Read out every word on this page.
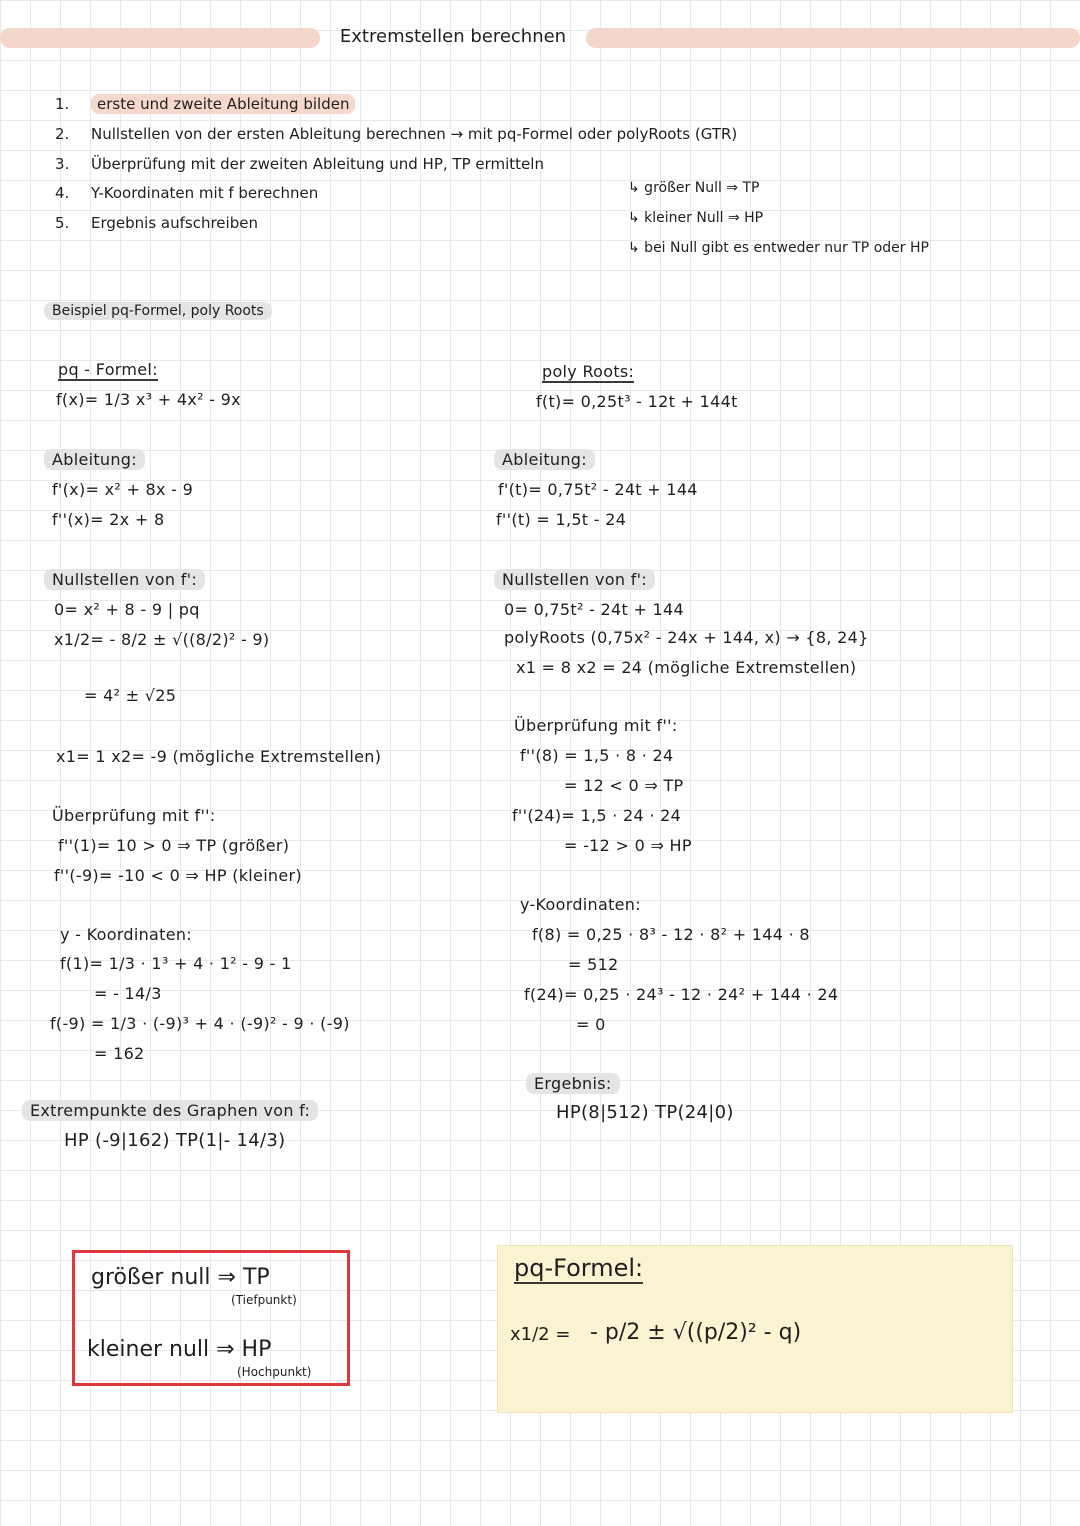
Extremstellen berechnen
1. erste und zweite Ableitung bilden
2. Nullstellen von der ersten Ableitung berechnen → mit pq-Formel oder polyRoots (GTR)
3. Überprüfung mit der zweiten Ableitung und HP, TP ermitteln
4. Y-Koordinaten mit f berechnen
5. Ergebnis aufschreiben
↳ größer Null ⇒ TP
↳ kleiner Null ⇒ HP
↳ bei Null gibt es entweder nur TP oder HP
Beispiel pq-Formel, poly Roots
pq - Formel:
f(x)= 1/3 x³ + 4x² - 9x
Ableitung:
f'(x)= x² + 8x - 9
f''(x)= 2x + 8
Nullstellen von f':
0= x² + 8 - 9 | pq
x1/2= - 8/2 ± √((8/2)² - 9)
= 4² ± √25
x1= 1 x2= -9 (mögliche Extremstellen)
Überprüfung mit f'':
f''(1)= 10 > 0 ⇒ TP (größer)
f''(-9)= -10 < 0 ⇒ HP (kleiner)
y - Koordinaten:
f(1)= 1/3 · 1³ + 4 · 1² - 9 - 1
= - 14/3
f(-9) = 1/3 · (-9)³ + 4 · (-9)² - 9 · (-9)
= 162
Extrempunkte des Graphen von f:
HP (-9|162) TP(1|- 14/3)
poly Roots:
f(t)= 0,25t³ - 12t + 144t
Ableitung:
f'(t)= 0,75t² - 24t + 144
f''(t) = 1,5t - 24
Nullstellen von f':
0= 0,75t² - 24t + 144
polyRoots (0,75x² - 24x + 144, x) → {8, 24}
x1 = 8 x2 = 24 (mögliche Extremstellen)
Überprüfung mit f'':
f''(8) = 1,5 · 8 · 24
= 12 < 0 ⇒ TP
f''(24)= 1,5 · 24 · 24
= -12 > 0 ⇒ HP
y-Koordinaten:
f(8) = 0,25 · 8³ - 12 · 8² + 144 · 8
= 512
f(24)= 0,25 · 24³ - 12 · 24² + 144 · 24
= 0
Ergebnis:
HP(8|512) TP(24|0)
größer null ⇒ TP
(Tiefpunkt)
kleiner null ⇒ HP
(Hochpunkt)
pq-Formel:
x1/2 = - p/2 ± √((p/2)² - q)
